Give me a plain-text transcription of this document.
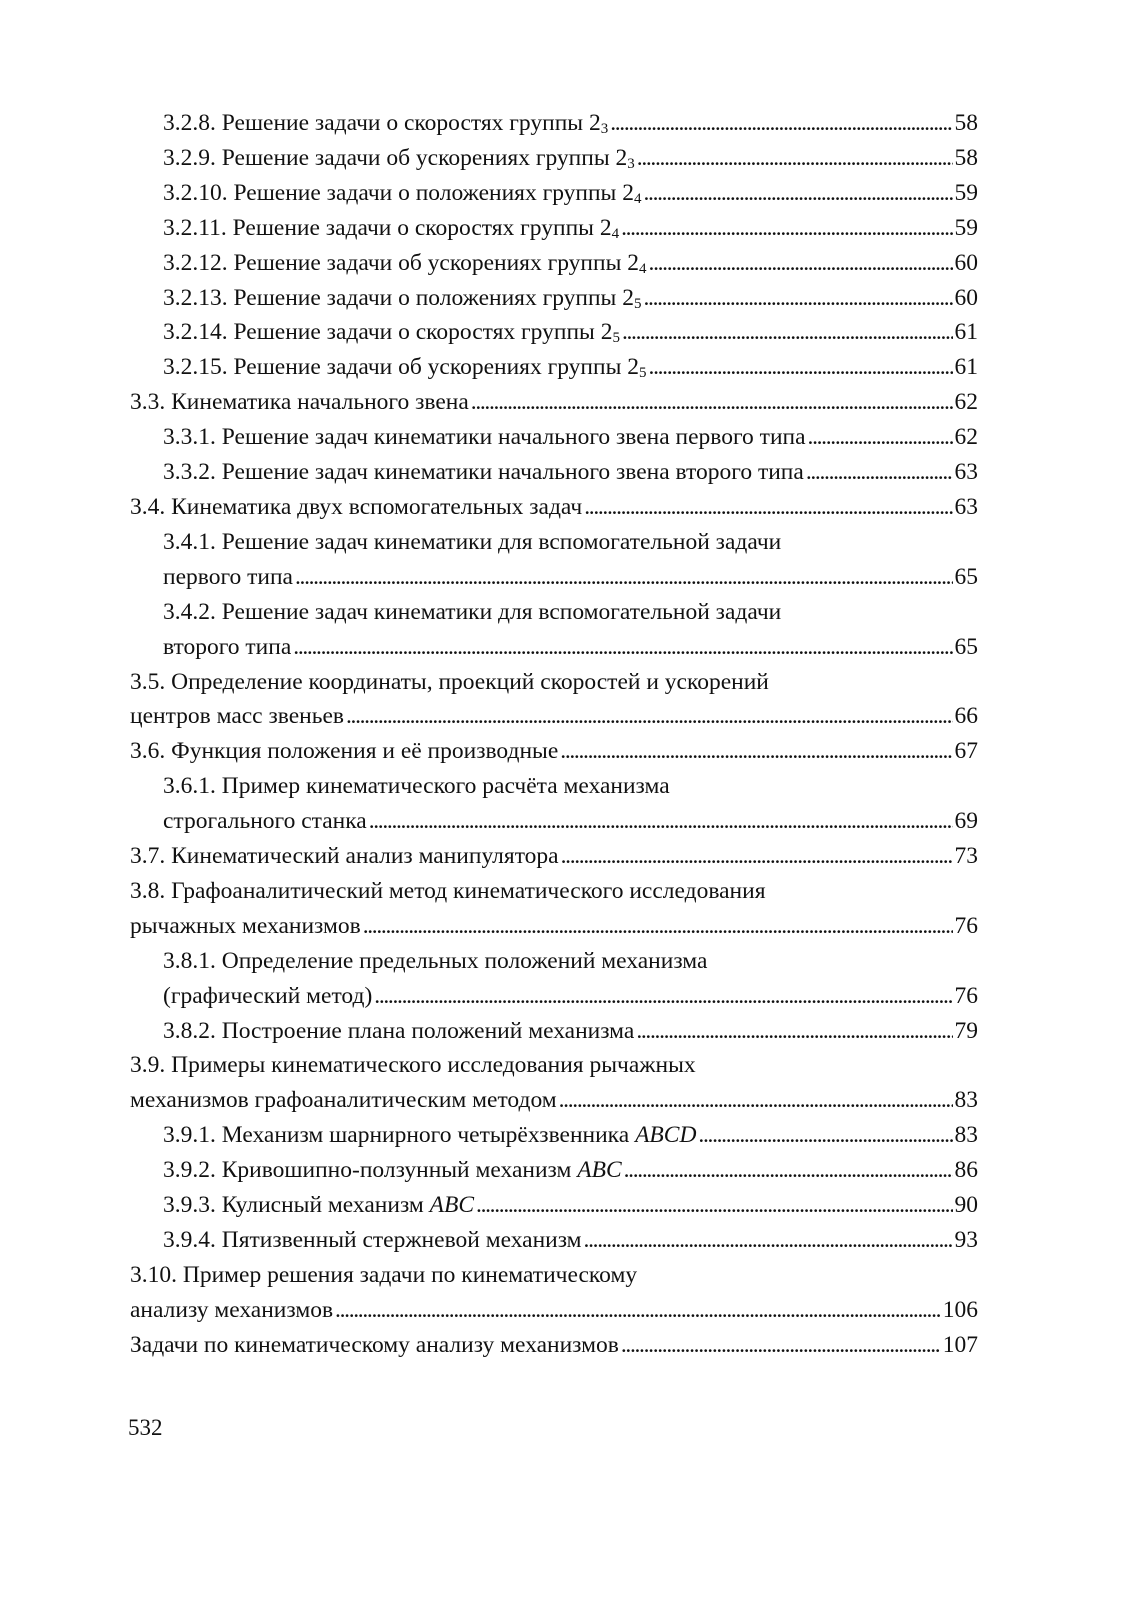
3.2.8. Решение задачи о скоростях группы $2_3$ . . .	58
3.2.9. Решение задачи об ускорениях группы $2_3$ . . .	58
3.2.10. Решение задачи о положениях группы $2_4$ . . .	59
3.2.11. Решение задачи о скоростях группы $2_4$ . . .	59
3.2.12. Решение задачи об ускорениях группы $2_4$ . . .	60
3.2.13. Решение задачи о положениях группы $2_5$ . . .	60
3.2.14. Решение задачи о скоростях группы $2_5$ . . .	61
3.2.15. Решение задачи об ускорениях группы $2_5$ . . .	61
3.3. Кинематика начального звена . . .	62
3.3.1. Решение задач кинематики начального звена первого типа . . .	62
3.3.2. Решение задач кинематики начального звена второго типа . . .	63
3.4. Кинематика двух вспомогательных задач . . .	63
3.4.1. Решение задач кинематики для вспомогательной задачи
первого типа . . .	65
3.4.2. Решение задач кинематики для вспомогательной задачи
второго типа . . .	65
3.5. Определение координаты, проекций скоростей и ускорений
центров масс звеньев . . .	66
3.6. Функция положения и её производные . . .	67
3.6.1. Пример кинематического расчёта механизма
строгального станка . . .	69
3.7. Кинематический анализ манипулятора . . .	73
3.8. Графоаналитический метод кинематического исследования
рычажных механизмов . . .	76
3.8.1. Определение предельных положений механизма
(графический метод) . . .	76
3.8.2. Построение плана положений механизма . . .	79
3.9. Примеры кинематического исследования рычажных
механизмов графоаналитическим методом . . .	83
3.9.1. Механизм шарнирного четырёхзвенника ABCD . . .	83
3.9.2. Кривошипно-ползунный механизм ABC . . .	86
3.9.3. Кулисный механизм ABC . . .	90
3.9.4. Пятизвенный стержневой механизм . . .	93
3.10. Пример решения задачи по кинематическому
анализу механизмов . . .	106
Задачи по кинематическому анализу механизмов . . .	107
532
